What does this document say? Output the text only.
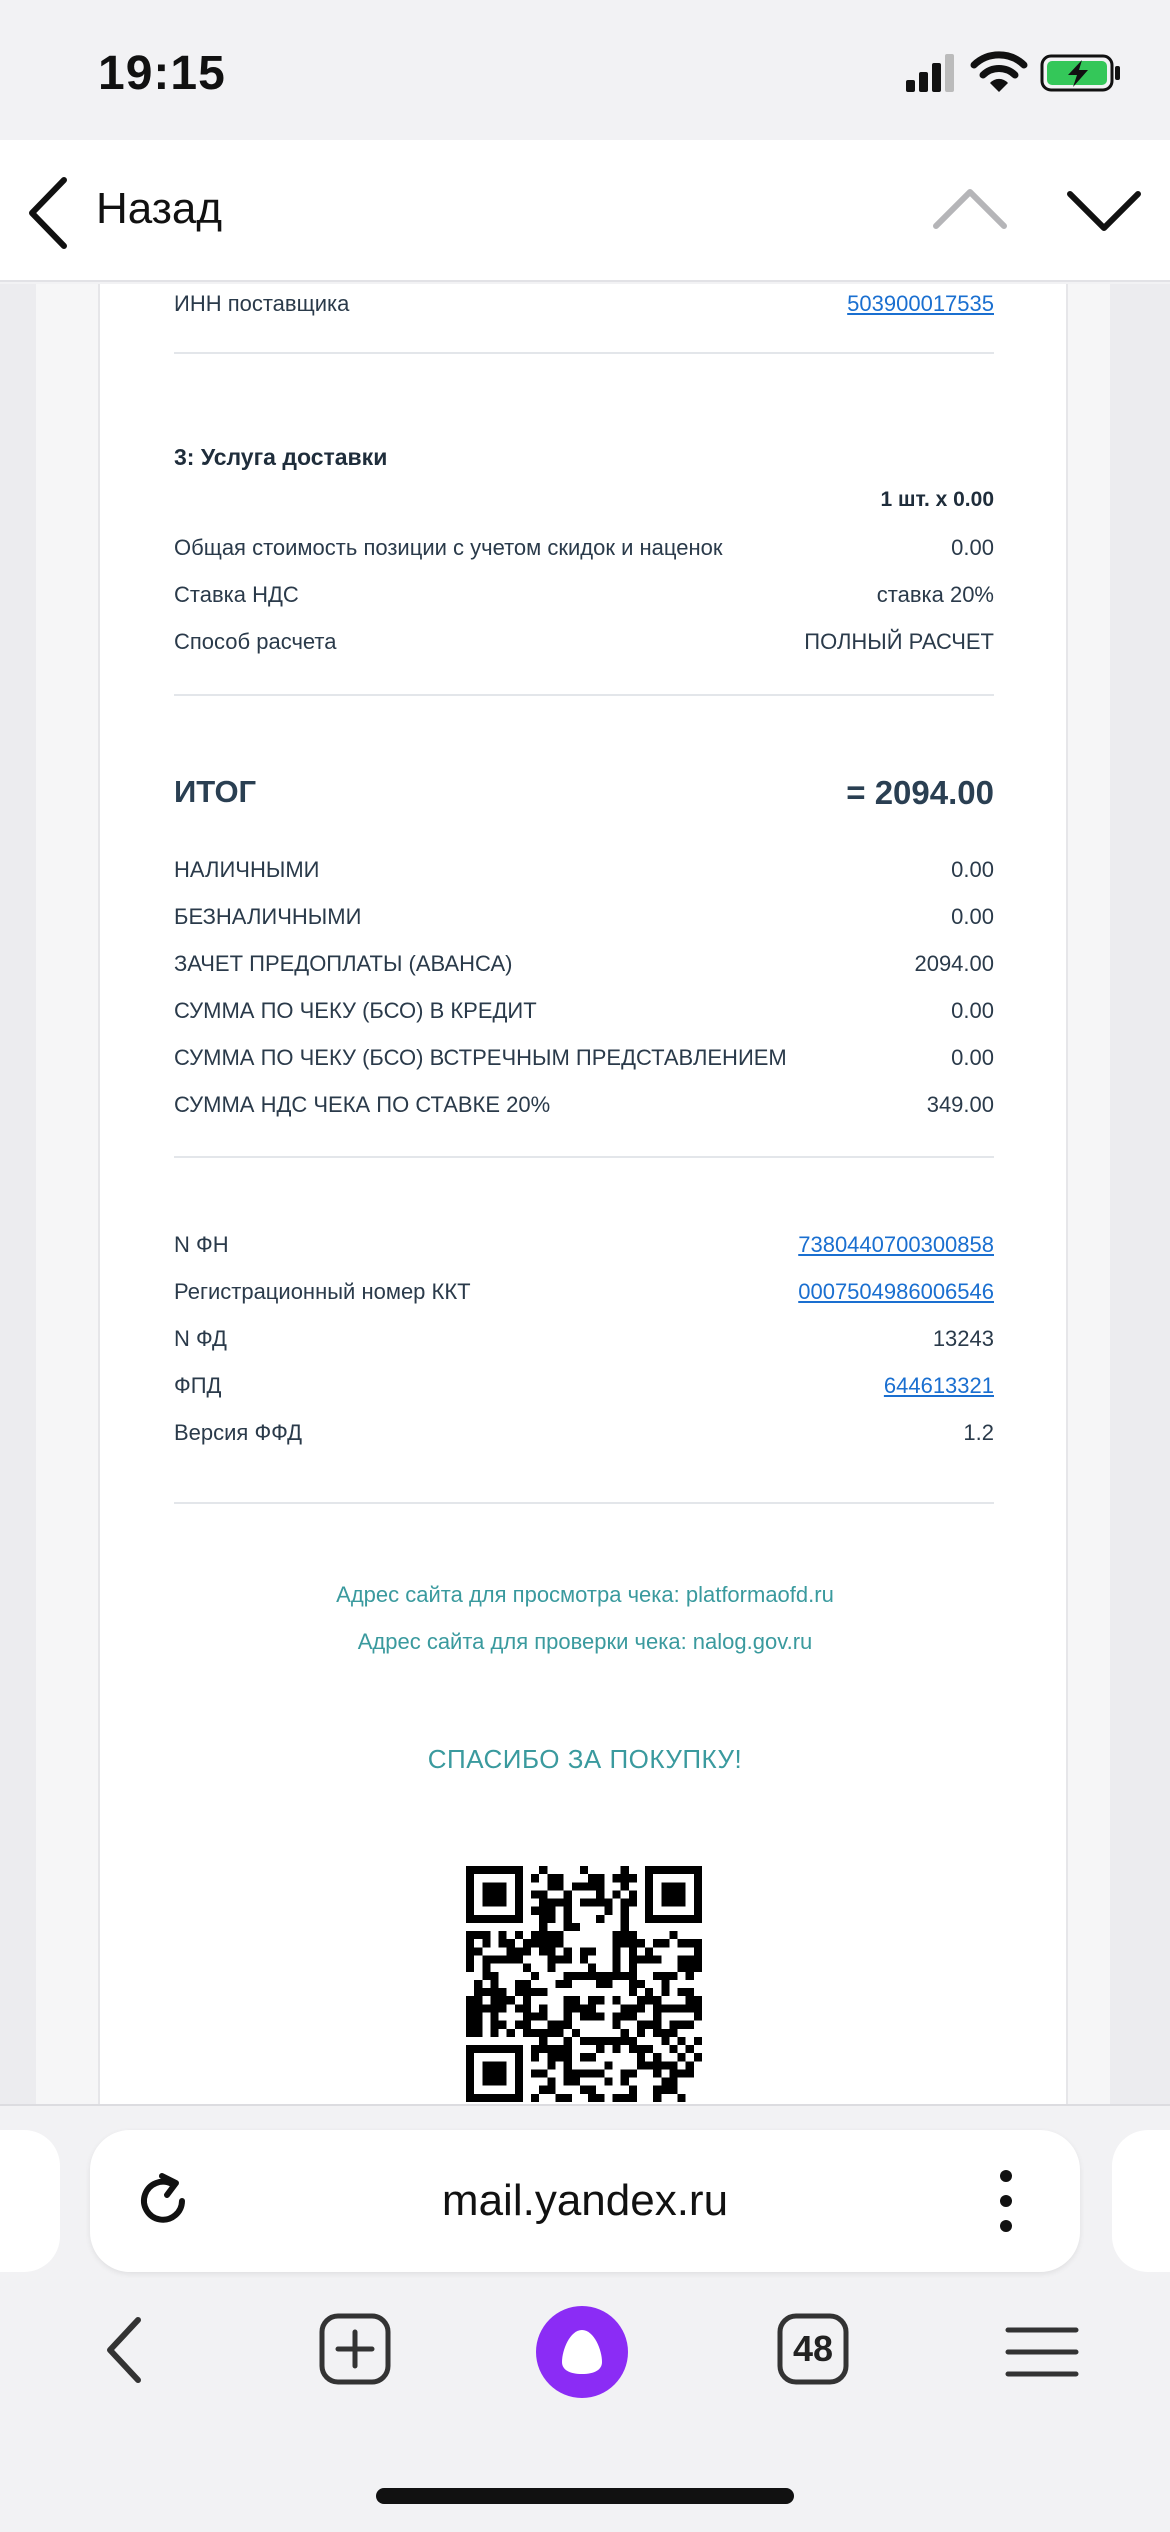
19:15
Назад
ИНН поставщика	503900017535
3: Услуга доставки
1 шт. х 0.00
Общая стоимость позиции с учетом скидок и наценок	0.00
Ставка НДС	ставка 20%
Способ расчета	ПОЛНЫЙ РАСЧЕТ
ИТОГ	= 2094.00
НАЛИЧНЫМИ	0.00
БЕЗНАЛИЧНЫМИ	0.00
ЗАЧЕТ ПРЕДОПЛАТЫ (АВАНСА)	2094.00
СУММА ПО ЧЕКУ (БСО) В КРЕДИТ	0.00
СУММА ПО ЧЕКУ (БСО) ВСТРЕЧНЫМ ПРЕДСТАВЛЕНИЕМ	0.00
СУММА НДС ЧЕКА ПО СТАВКЕ 20%	349.00
N ФН	7380440700300858
Регистрационный номер ККТ	0007504986006546
N ФД	13243
ФПД	644613321
Версия ФФД	1.2
Адрес сайта для просмотра чека: platformaofd.ru
Адрес сайта для проверки чека: nalog.gov.ru
СПАСИБО ЗА ПОКУПКУ!
mail.yandex.ru
48
